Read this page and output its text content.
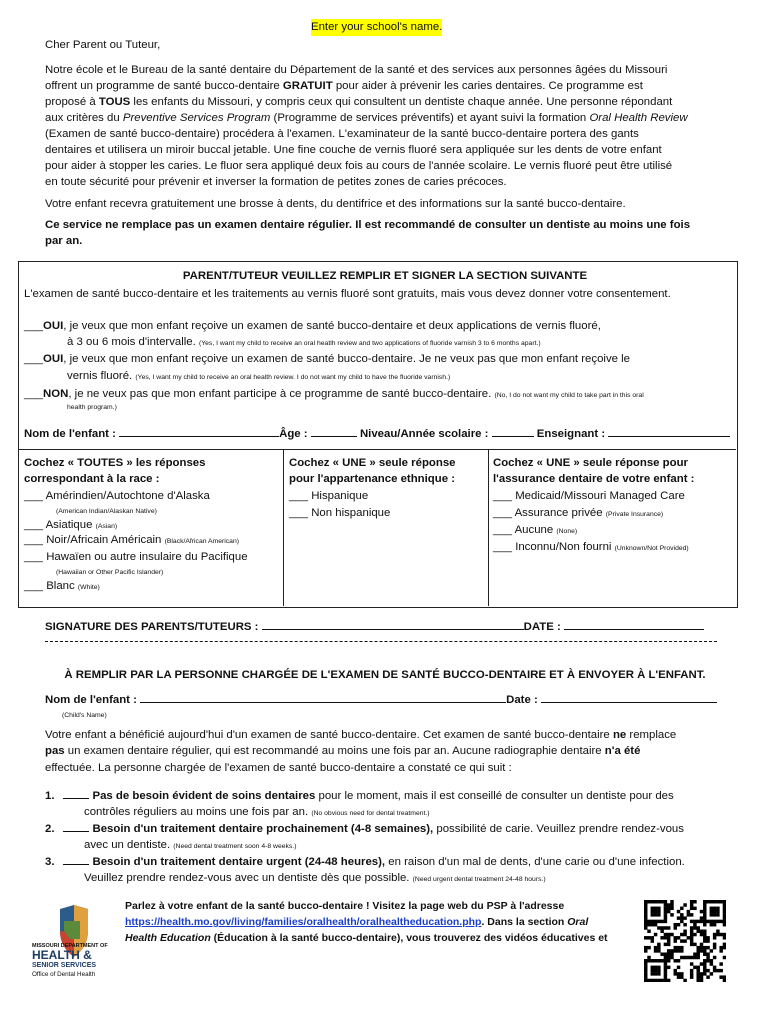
Enter your school's name.
Cher Parent ou Tuteur,
Notre école et le Bureau de la santé dentaire du Département de la santé et des services aux personnes âgées du Missouri
offrent un programme de santé bucco-dentaire GRATUIT pour aider à prévenir les caries dentaires. Ce programme est
proposé à TOUS les enfants du Missouri, y compris ceux qui consultent un dentiste chaque année. Une personne répondant
aux critères du Preventive Services Program (Programme de services préventifs) et ayant suivi la formation Oral Health Review
(Examen de santé bucco-dentaire) procédera à l'examen. L'examinateur de la santé bucco-dentaire portera des gants
dentaires et utilisera un miroir buccal jetable. Une fine couche de vernis fluoré sera appliquée sur les dents de votre enfant
pour aider à stopper les caries. Le fluor sera appliqué deux fois au cours de l'année scolaire. Le vernis fluoré peut être utilisé
en toute sécurité pour prévenir et inverser la formation de petites zones de caries précoces.
Votre enfant recevra gratuitement une brosse à dents, du dentifrice et des informations sur la santé bucco-dentaire.
Ce service ne remplace pas un examen dentaire régulier. Il est recommandé de consulter un dentiste au moins une fois
par an.
PARENT/TUTEUR VEUILLEZ REMPLIR ET SIGNER LA SECTION SUIVANTE
L'examen de santé bucco-dentaire et les traitements au vernis fluoré sont gratuits, mais vous devez donner votre consentement.
___OUI, je veux que mon enfant reçoive un examen de santé bucco-dentaire et deux applications de vernis fluoré,
à 3 ou 6 mois d'intervalle. (Yes, I want my child to receive an oral heatlh review and two applications of fluoride varnish 3 to 6 months apart.)
___OUI, je veux que mon enfant reçoive un examen de santé bucco-dentaire. Je ne veux pas que mon enfant reçoive le
vernis fluoré. (Yes, I want my child to receive an oral health review. I do not want my child to have the fluoride varnish.)
___NON, je ne veux pas que mon enfant participe à ce programme de santé bucco-dentaire. (No, I do not want my child to take part in this oral
health program.)
Nom de l'enfant :	Âge :	Niveau/Année scolaire :	Enseignant :
Cochez « TOUTES » les réponses
correspondant à la race :
___ Amérindien/Autochtone d'Alaska
(American Indian/Alaskan Native)
___ Asiatique (Asian)
___ Noir/Africain Américain (Black/African American)
___ Hawaïen ou autre insulaire du Pacifique
(Hawaiian or Other Pacific Islander)
___ Blanc (White)
Cochez « UNE » seule réponse
pour l'appartenance ethnique :
___ Hispanique
___ Non hispanique
Cochez « UNE » seule réponse pour
l'assurance dentaire de votre enfant :
___ Medicaid/Missouri Managed Care
___ Assurance privée (Private Insurance)
___ Aucune (None)
___ Inconnu/Non fourni (Unknown/Not Provided)
SIGNATURE DES PARENTS/TUTEURS :	DATE :
À REMPLIR PAR LA PERSONNE CHARGÉE DE L'EXAMEN DE SANTÉ BUCCO-DENTAIRE ET À ENVOYER À L'ENFANT.
Nom de l'enfant :	Date :
(Child's Name)
Votre enfant a bénéficié aujourd'hui d'un examen de santé bucco-dentaire. Cet examen de santé bucco-dentaire ne remplace
pas un examen dentaire régulier, qui est recommandé au moins une fois par an. Aucune radiographie dentaire n'a été
effectuée. La personne chargée de l'examen de santé bucco-dentaire a constaté ce qui suit :
1.	Pas de besoin évident de soins dentaires pour le moment, mais il est conseillé de consulter un dentiste pour des
contrôles réguliers au moins une fois par an. (No obvious need for dental treatment.)
2.	Besoin d'un traitement dentaire prochainement (4-8 semaines), possibilité de carie. Veuillez prendre rendez-vous
avec un dentiste. (Need dental treatment soon 4-8 weeks.)
3.	Besoin d'un traitement dentaire urgent (24-48 heures), en raison d'un mal de dents, d'une carie ou d'une infection.
Veuillez prendre rendez-vous avec un dentiste dès que possible. (Need urgent dental treatment 24-48 hours.)
MISSOURI DEPARTMENT OF
HEALTH &
SENIOR SERVICES
Office of Dental Health
Parlez à votre enfant de la santé bucco-dentaire ! Visitez la page web du PSP à l'adresse
https://health.mo.gov/living/families/oralhealth/oralhealtheducation.php. Dans la section Oral
Health Education (Éducation à la santé bucco-dentaire), vous trouverez des vidéos éducatives et
